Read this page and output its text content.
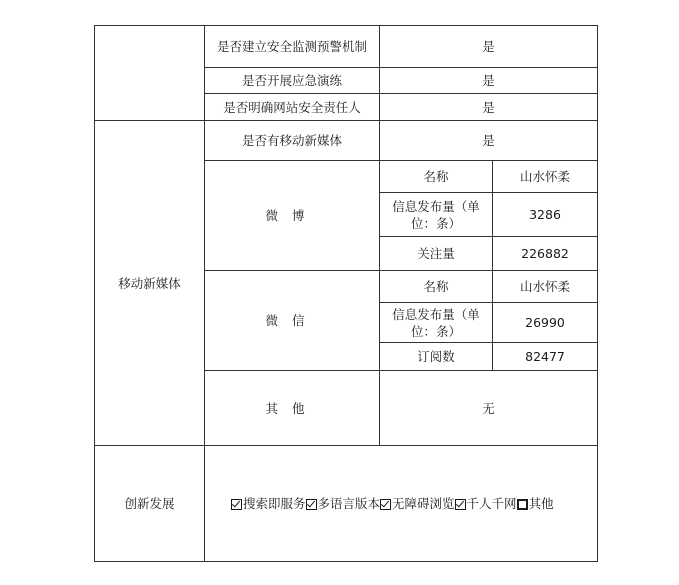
	是否建立安全监测预警机制	是	
	是否开展应急演练	是	
	是否明确网站安全责任人	是	
移动新媒体	是否有移动新媒体	是	
	微博	名称	山水怀柔
		信息发布量（单位：条）	3286
		关注量	226882
	微信	名称	山水怀柔
		信息发布量（单位：条）	26990
		订阅数	82477
	其他	无	
创新发展	搜索即服务 多语言版本 无障碍浏览 千人千网 其他		
